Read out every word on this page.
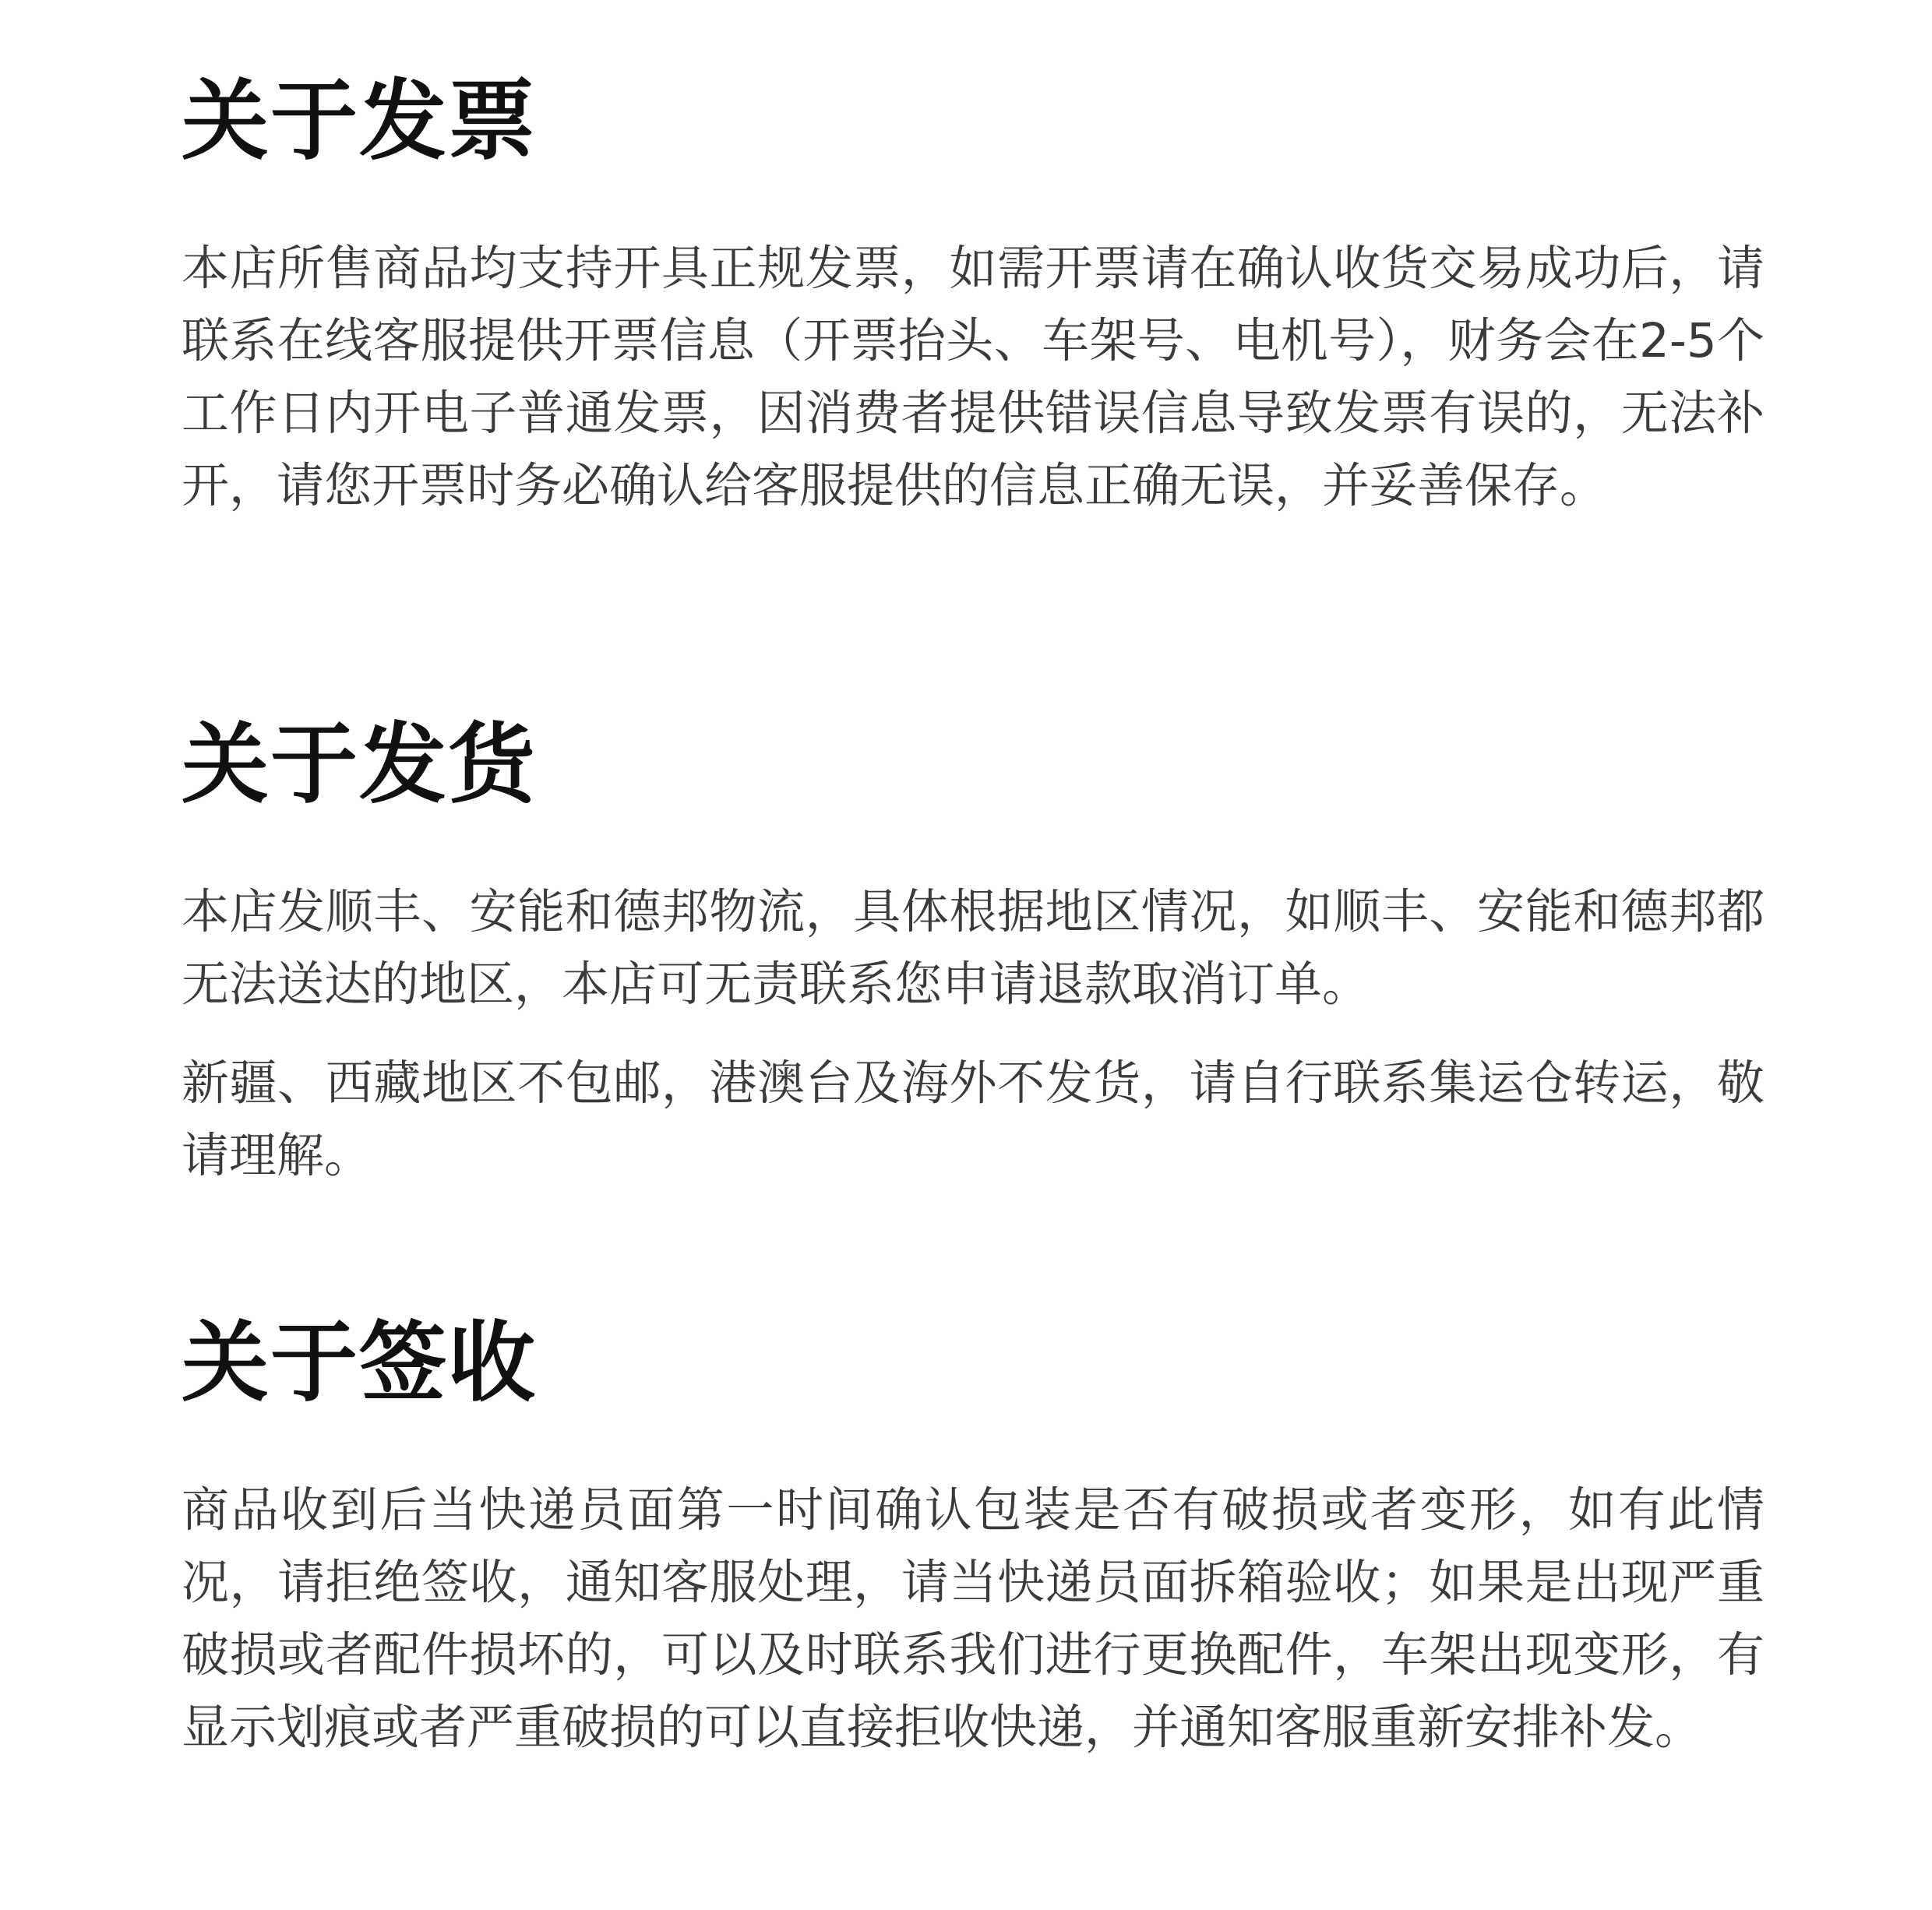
关于发票

本店所售商品均支持开具正规发票，如需开票请在确认收货交易成功后，请联系在线客服提供开票信息（开票抬头、车架号、电机号），财务会在2-5个工作日内开电子普通发票，因消费者提供错误信息导致发票有误的，无法补开，请您开票时务必确认给客服提供的信息正确无误，并妥善保存。

关于发货

本店发顺丰、安能和德邦物流，具体根据地区情况，如顺丰、安能和德邦都无法送达的地区，本店可无责联系您申请退款取消订单。

新疆、西藏地区不包邮，港澳台及海外不发货，请自行联系集运仓转运，敬请理解。

关于签收

商品收到后当快递员面第一时间确认包装是否有破损或者变形，如有此情况，请拒绝签收，通知客服处理，请当快递员面拆箱验收；如果是出现严重破损或者配件损坏的，可以及时联系我们进行更换配件，车架出现变形，有显示划痕或者严重破损的可以直接拒收快递，并通知客服重新安排补发。
